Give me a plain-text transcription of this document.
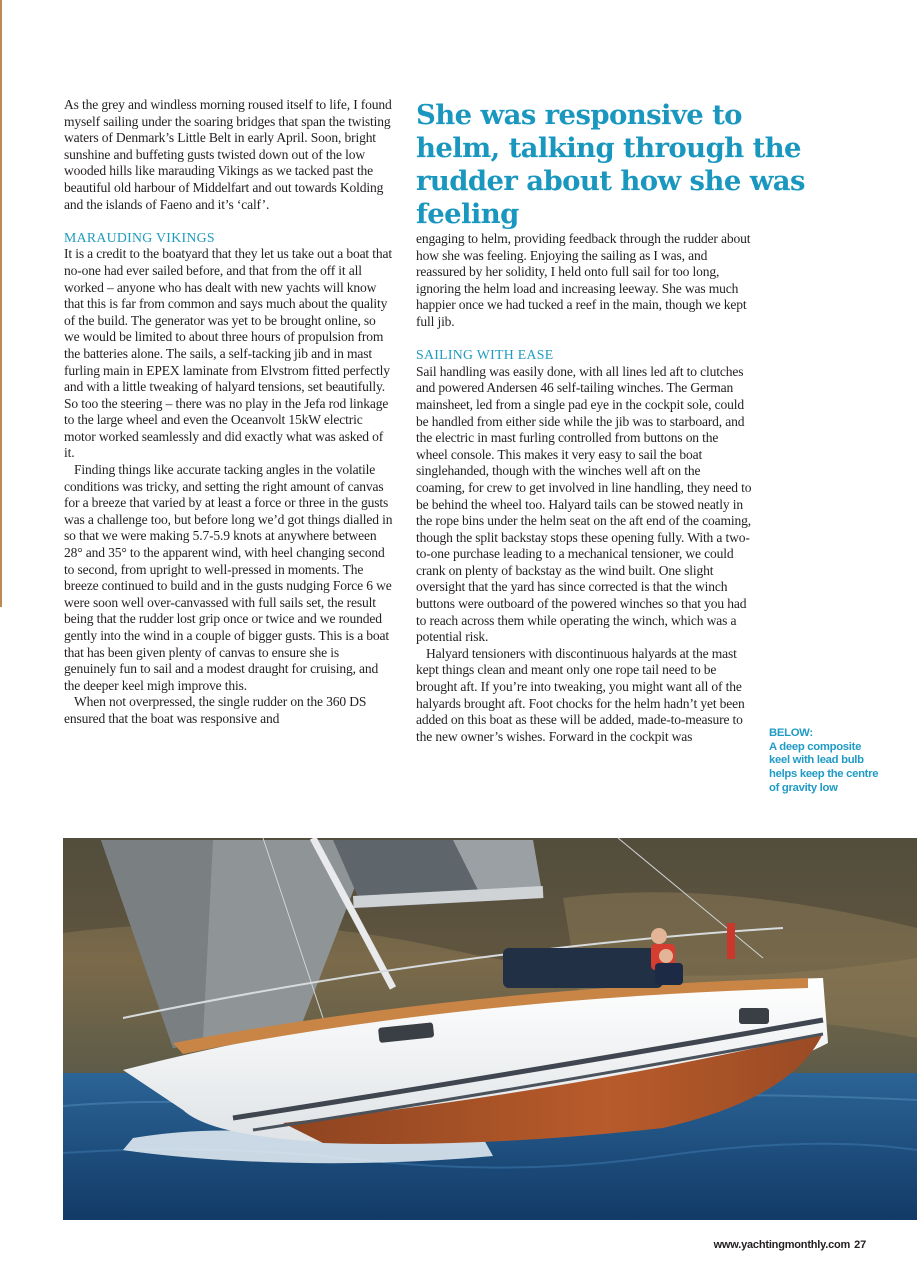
As the grey and windless morning roused itself to life, I found myself sailing under the soaring bridges that span the twisting waters of Denmark’s Little Belt in early April. Soon, bright sunshine and buffeting gusts twisted down out of the low wooded hills like marauding Vikings as we tacked past the beautiful old harbour of Middelfart and out towards Kolding and the islands of Faeno and it’s ‘calf’.

MARAUDING VIKINGS

It is a credit to the boatyard that they let us take out a boat that no-one had ever sailed before, and that from the off it all worked – anyone who has dealt with new yachts will know that this is far from common and says much about the quality of the build. The generator was yet to be brought online, so we would be limited to about three hours of propulsion from the batteries alone. The sails, a self-tacking jib and in mast furling main in EPEX laminate from Elvstrom fitted perfectly and with a little tweaking of halyard tensions, set beautifully. So too the steering – there was no play in the Jefa rod linkage to the large wheel and even the Oceanvolt 15kW electric motor worked seamlessly and did exactly what was asked of it.

Finding things like accurate tacking angles in the volatile conditions was tricky, and setting the right amount of canvas for a breeze that varied by at least a force or three in the gusts was a challenge too, but before long we’d got things dialled in so that we were making 5.7-5.9 knots at anywhere between 28° and 35° to the apparent wind, with heel changing second to second, from upright to well-pressed in moments. The breeze continued to build and in the gusts nudging Force 6 we were soon well over-canvassed with full sails set, the result being that the rudder lost grip once or twice and we rounded gently into the wind in a couple of bigger gusts. This is a boat that has been given plenty of canvas to ensure she is genuinely fun to sail and a modest draught for cruising, and the deeper keel migh improve this.

When not overpressed, the single rudder on the 360 DS ensured that the boat was responsive and

She was responsive to helm, talking through the rudder about how she was feeling

engaging to helm, providing feedback through the rudder about how she was feeling. Enjoying the sailing as I was, and reassured by her solidity, I held onto full sail for too long, ignoring the helm load and increasing leeway. She was much happier once we had tucked a reef in the main, though we kept full jib.

SAILING WITH EASE

Sail handling was easily done, with all lines led aft to clutches and powered Andersen 46 self-tailing winches. The German mainsheet, led from a single pad eye in the cockpit sole, could be handled from either side while the jib was to starboard, and the electric in mast furling controlled from buttons on the wheel console. This makes it very easy to sail the boat singlehanded, though with the winches well aft on the coaming, for crew to get involved in line handling, they need to be behind the wheel too. Halyard tails can be stowed neatly in the rope bins under the helm seat on the aft end of the coaming, though the split backstay stops these opening fully. With a two-to-one purchase leading to a mechanical tensioner, we could crank on plenty of backstay as the wind built. One slight oversight that the yard has since corrected is that the winch buttons were outboard of the powered winches so that you had to reach across them while operating the winch, which was a potential risk.

Halyard tensioners with discontinuous halyards at the mast kept things clean and meant only one rope tail need to be brought aft. If you’re into tweaking, you might want all of the halyards brought aft. Foot chocks for the helm hadn’t yet been added on this boat as these will be added, made-to-measure to the new owner’s wishes. Forward in the cockpit was	BELOW:
A deep composite keel with lead bulb helps keep the centre of gravity low
www.yachtingmonthly.com 27
